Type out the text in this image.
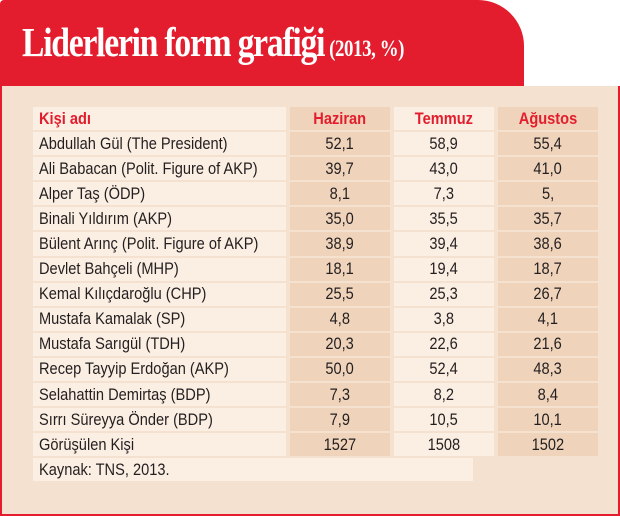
Liderlerin form grafiği (2013, %)
Kişi adı	Haziran	Temmuz	Ağustos
Abdullah Gül (The President)	52,1	58,9	55,4
Ali Babacan (Polit. Figure of AKP)	39,7	43,0	41,0
Alper Taş (ÖDP)	8,1	7,3	5,
Binali Yıldırım (AKP)	35,0	35,5	35,7
Bülent Arınç (Polit. Figure of AKP)	38,9	39,4	38,6
Devlet Bahçeli (MHP)	18,1	19,4	18,7
Kemal Kılıçdaroğlu (CHP)	25,5	25,3	26,7
Mustafa Kamalak (SP)	4,8	3,8	4,1
Mustafa Sarıgül (TDH)	20,3	22,6	21,6
Recep Tayyip Erdoğan (AKP)	50,0	52,4	48,3
Selahattin Demirtaş (BDP)	7,3	8,2	8,4
Sırrı Süreyya Önder (BDP)	7,9	10,5	10,1
Görüşülen Kişi	1527	1508	1502
Kaynak: TNS, 2013.
